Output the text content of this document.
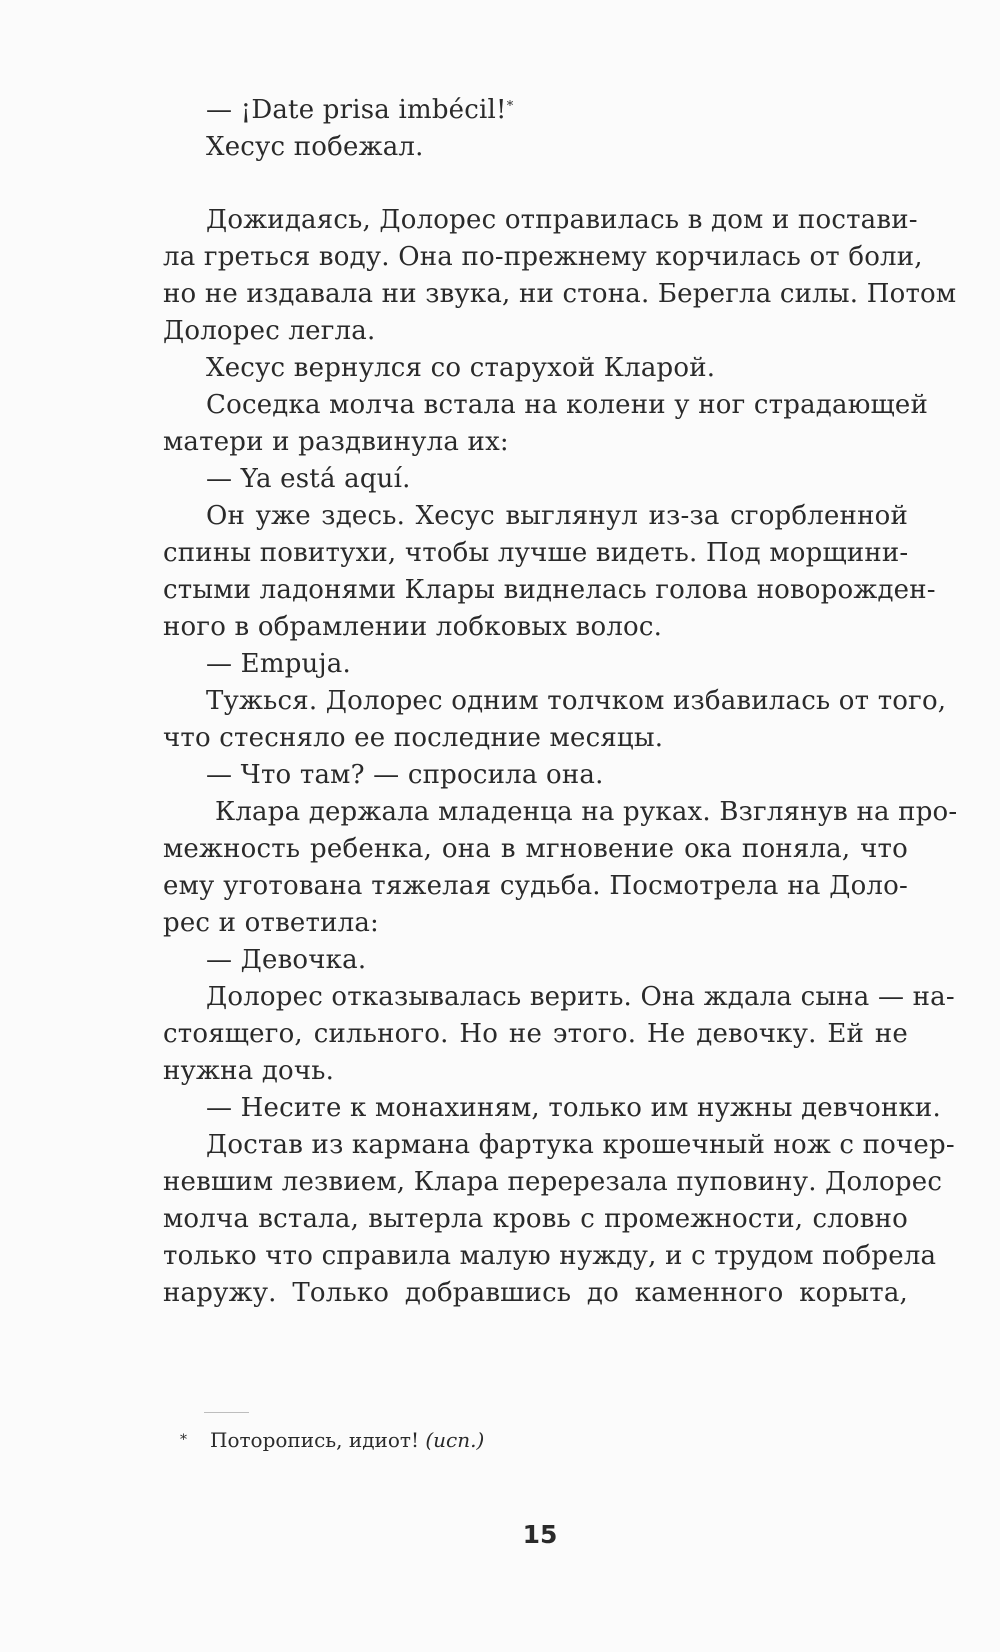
— ¡Date prisa imbécil!*
Хесус побежал.
Дожидаясь, Долорес отправилась в дом и постави-
ла греться воду. Она по-прежнему корчилась от боли,
но не издавала ни звука, ни стона. Берегла силы. Потом
Долорес легла.
Хесус вернулся со старухой Кларой.
Соседка молча встала на колени у ног страдающей
матери и раздвинула их:
— Ya está aquí.
Он уже здесь. Хесус выглянул из-за сгорбленной
спины повитухи, чтобы лучше видеть. Под морщини-
стыми ладонями Клары виднелась голова новорожден-
ного в обрамлении лобковых волос.
— Empuja.
Тужься. Долорес одним толчком избавилась от того,
что стесняло ее последние месяцы.
— Что там? — спросила она.
Клара держала младенца на руках. Взглянув на про-
межность ребенка, она в мгновение ока поняла, что
ему уготована тяжелая судьба. Посмотрела на Доло-
рес и ответила:
— Девочка.
Долорес отказывалась верить. Она ждала сына — на-
стоящего, сильного. Но не этого. Не девочку. Ей не
нужна дочь.
— Несите к монахиням, только им нужны девчонки.
Достав из кармана фартука крошечный нож с почер-
невшим лезвием, Клара перерезала пуповину. Долорес
молча встала, вытерла кровь с промежности, словно
только что справила малую нужду, и с трудом побрела
наружу. Только добравшись до каменного корыта,
* Поторопись, идиот! (исп.)
15
